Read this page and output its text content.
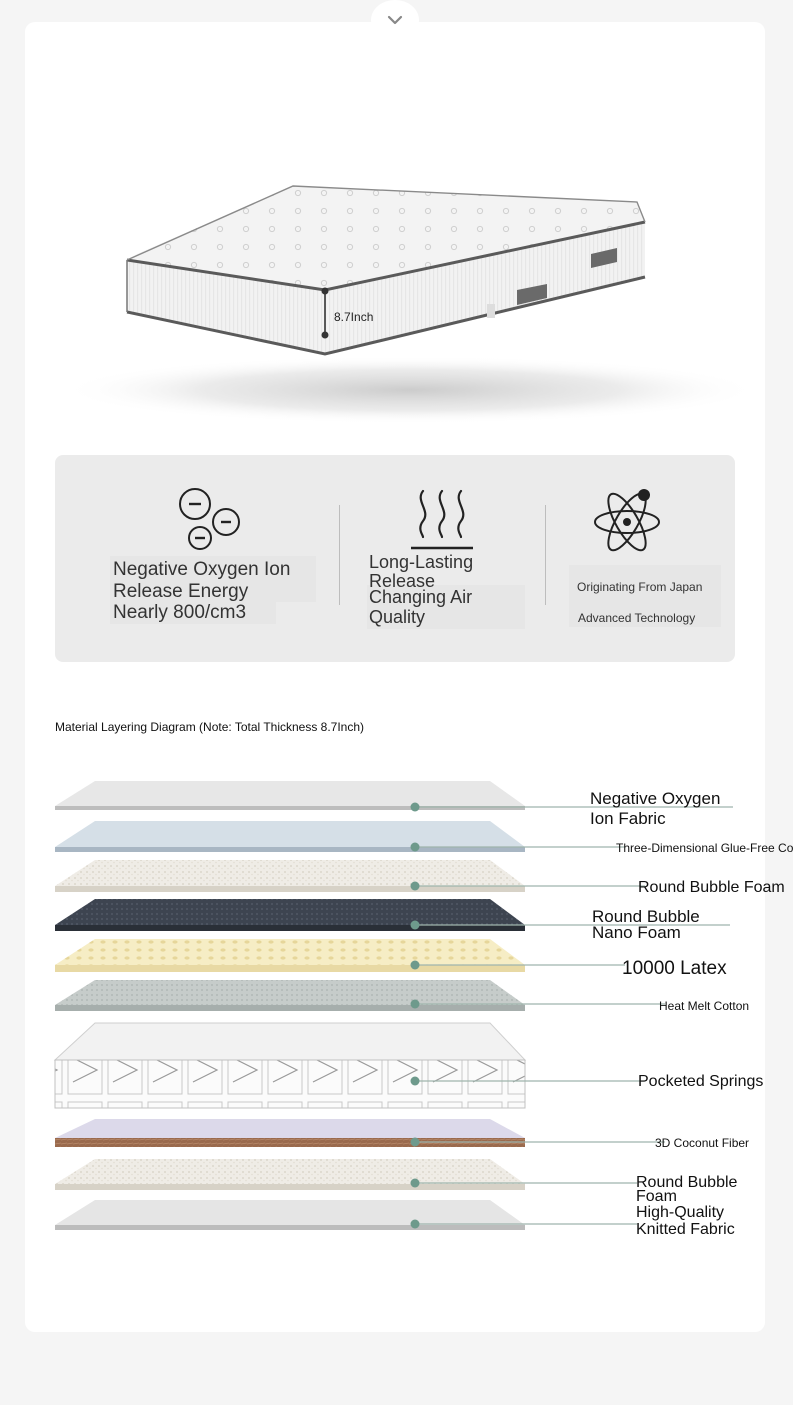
8.7Inch
Negative Oxygen Ion
Release Energy
Nearly 800/cm3
Long-Lasting
Release
Changing Air
Quality
Originating From Japan
Advanced Technology
Material Layering Diagram (Note: Total Thickness 8.7Inch)
Negative Oxygen
Ion Fabric
Three-Dimensional Glue-Free Co
Round Bubble Foam
Round Bubble
Nano Foam
10000 Latex
Heat Melt Cotton
Pocketed Springs
3D Coconut Fiber
Round Bubble
Foam
High-Quality
Knitted Fabric
